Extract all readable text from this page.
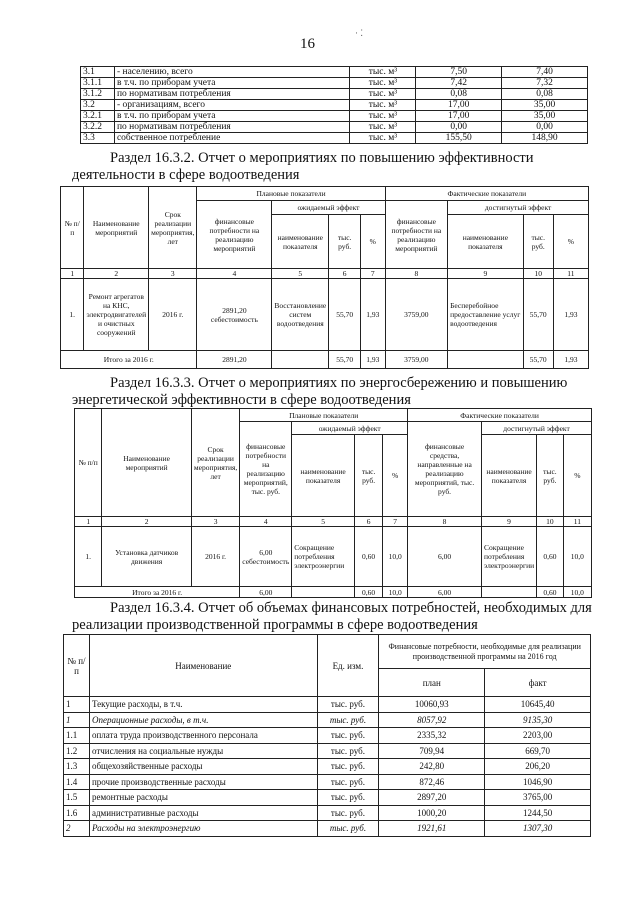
16
· ⁚
3.1	- населению, всего	тыс. м³	7,50	7,40
3.1.1	в т.ч. по приборам учета	тыс. м³	7,42	7,32
3.1.2	по нормативам потребления	тыс. м³	0,08	0,08
3.2	- организациям, всего	тыс. м³	17,00	35,00
3.2.1	в т.ч. по приборам учета	тыс. м³	17,00	35,00
3.2.2	по нормативам потребления	тыс. м³	0,00	0,00
3.3	собственное потребление	тыс. м³	155,50	148,90
Раздел 16.3.2. Отчет о мероприятиях по повышению эффективности деятельности в сфере водоотведения
№ п/п	Наименование мероприятий	Срок реализации мероприятия, лет	Плановые показатели				Фактические показатели			
			финансовые потребности на реализацию мероприятий	ожидаемый эффект			финансовые потребности на реализацию мероприятий	достигнутый эффект		
				наименование показателя	тыс. руб.	%		наименование показателя	тыс. руб.	%
1	2	3	4	5	6	7	8	9	10	11
1.	Ремонт агрегатов на КНС, электродвигателей и очистных сооружений	2016 г.	2891,20 себестоимость	Восстановление систем водоотведения	55,70	1,93	3759,00	Бесперебойное предоставление услуг водоотведения	55,70	1,93
Итого за 2016 г.			2891,20		55,70	1,93	3759,00		55,70	1,93
Раздел 16.3.3. Отчет о мероприятиях по энергосбережению и повышению энергетической эффективности в сфере водоотведения
№ п/п	Наименование мероприятий	Срок реализации мероприятия, лет	Плановые показатели				Фактические показатели			
			финансовые потребности на реализацию мероприятий, тыс. руб.	ожидаемый эффект			финансовые средства, направленные на реализацию мероприятий, тыс. руб.	достигнутый эффект		
				наименование показателя	тыс. руб.	%		наименование показателя	тыс. руб.	%
1	2	3	4	5	6	7	8	9	10	11
1.	Установка датчиков движения	2016 г.	6,00 себестоимость	Сокращение потребления электроэнергии	0,60	10,0	6,00	Сокращение потребления электроэнергии	0,60	10,0
Итого за 2016 г.			6,00		0,60	10,0	6,00		0,60	10,0
Раздел 16.3.4. Отчет об объемах финансовых потребностей, необходимых для реализации производственной программы в сфере водоотведения
№ п/п	Наименование	Ед. изм.	Финансовые потребности, необходимые для реализации производственной программы на 2016 год	
			план	факт
1	Текущие расходы, в т.ч.	тыс. руб.	10060,93	10645,40
1	Операционные расходы, в т.ч.	тыс. руб.	8057,92	9135,30
1.1	оплата труда производственного персонала	тыс. руб.	2335,32	2203,00
1.2	отчисления на социальные нужды	тыс. руб.	709,94	669,70
1.3	общехозяйственные расходы	тыс. руб.	242,80	206,20
1.4	прочие производственные расходы	тыс. руб.	872,46	1046,90
1.5	ремонтные расходы	тыс. руб.	2897,20	3765,00
1.6	административные расходы	тыс. руб.	1000,20	1244,50
2	Расходы на электроэнергию	тыс. руб.	1921,61	1307,30
